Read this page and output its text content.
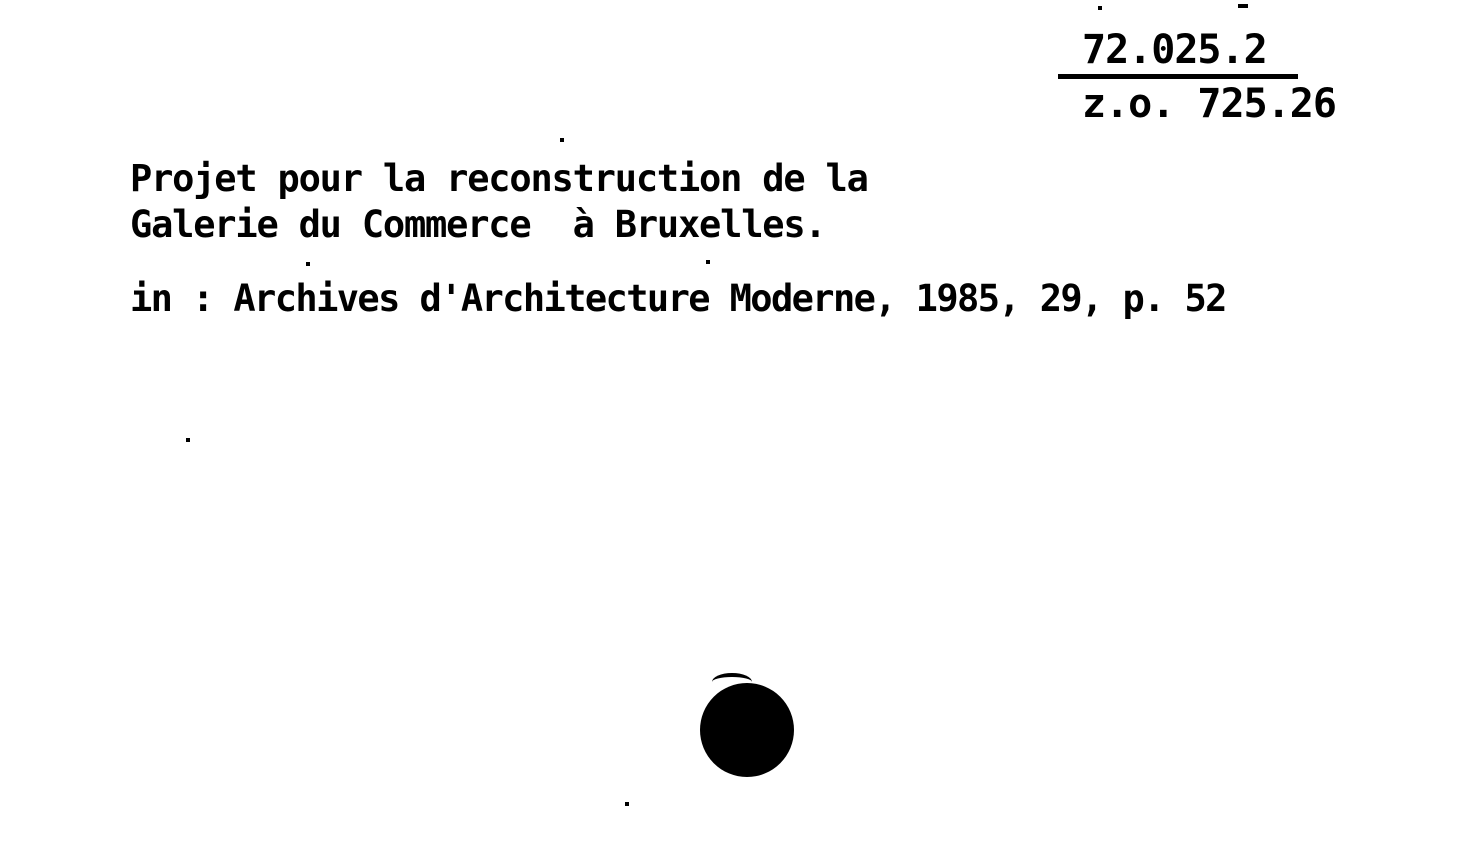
72.025.2
z.o. 725.26
Projet pour la reconstruction de la
Galerie du Commerce  à Bruxelles.
in : Archives d'Architecture Moderne, 1985, 29, p. 52
